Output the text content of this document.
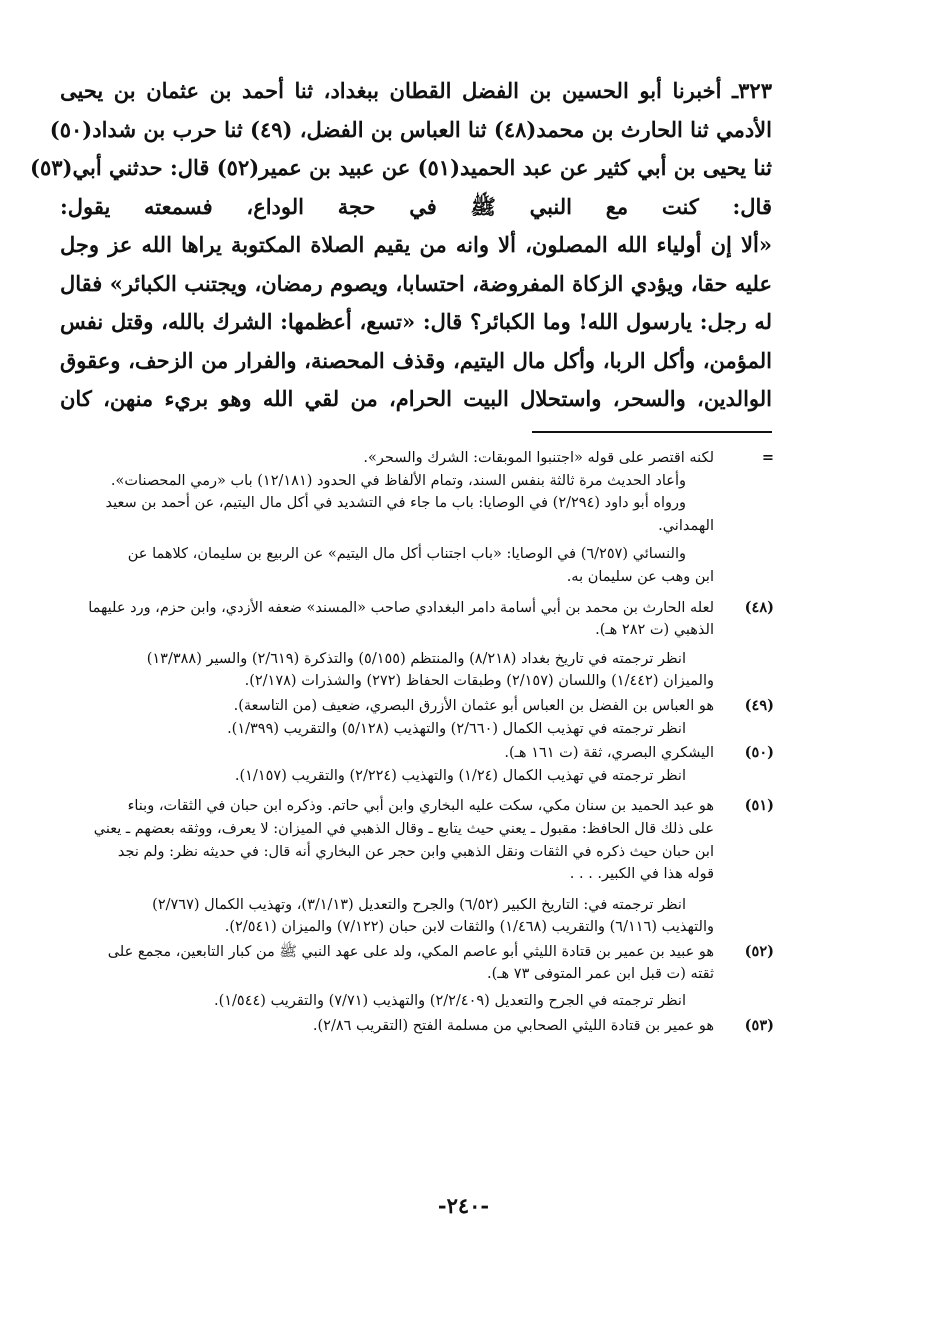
٣٢٣ـ أخبرنا أبو الحسين بن الفضل القطان ببغداد، ثنا أحمد بن عثمان بن يحيى
الأدمي ثنا الحارث بن محمد(٤٨) ثنا العباس بن الفضل، (٤٩) ثنا حرب بن شداد(٥٠)
ثنا يحيى بن أبي كثير عن عبد الحميد(٥١) عن عبيد بن عمير(٥٢) قال: حدثني أبي(٥٣)
قال: كنت مع النبي ﷺ في حجة الوداع، فسمعته يقول:
«ألا إن أولياء الله المصلون، ألا وانه من يقيم الصلاة المكتوبة يراها الله عز وجل
عليه حقا، ويؤدي الزكاة المفروضة، احتسابا، ويصوم رمضان، ويجتنب الكبائر» فقال
له رجل: يارسول الله! وما الكبائر؟ قال: «تسع، أعظمها: الشرك بالله، وقتل نفس
المؤمن، وأكل الربا، وأكل مال اليتيم، وقذف المحصنة، والفرار من الزحف، وعقوق
الوالدين، والسحر، واستحلال البيت الحرام، من لقي الله وهو بريء منهن، كان
=
لكنه اقتصر على قوله «اجتنبوا الموبقات: الشرك والسحر».
وأعاد الحديث مرة ثالثة بنفس السند، وتمام الألفاظ في الحدود (١٢/١٨١) باب «رمي المحصنات».
ورواه أبو داود (٢/٢٩٤) في الوصايا: باب ما جاء في التشديد في أكل مال اليتيم، عن أحمد بن سعيد
الهمداني.
والنسائي (٦/٢٥٧) في الوصايا: «باب اجتناب أكل مال اليتيم» عن الربيع بن سليمان، كلاهما عن
ابن وهب عن سليمان به.
(٤٨)
لعله الحارث بن محمد بن أبي أسامة دامر البغدادي صاحب «المسند» ضعفه الأزدي، وابن حزم، ورد عليهما
الذهبي (ت ٢٨٢ هـ).
انظر ترجمته في تاريخ بغداد (٨/٢١٨) والمنتظم (٥/١٥٥) والتذكرة (٢/٦١٩) والسير (١٣/٣٨٨)
والميزان (١/٤٤٢) واللسان (٢/١٥٧) وطبقات الحفاظ (٢٧٢) والشذرات (٢/١٧٨).
(٤٩)
هو العباس بن الفضل بن العباس أبو عثمان الأزرق البصري، ضعيف (من التاسعة).
انظر ترجمته في تهذيب الكمال (٢/٦٦٠) والتهذيب (٥/١٢٨) والتقريب (١/٣٩٩).
(٥٠)
اليشكري البصري، ثقة (ت ١٦١ هـ).
انظر ترجمته في تهذيب الكمال (١/٢٤) والتهذيب (٢/٢٢٤) والتقريب (١/١٥٧).
(٥١)
هو عبد الحميد بن سنان مكي، سكت عليه البخاري وابن أبي حاتم. وذكره ابن حبان في الثقات، وبناء
على ذلك قال الحافظ: مقبول ـ يعني حيث يتابع ـ وقال الذهبي في الميزان: لا يعرف، ووثقه بعضهم ـ يعني
ابن حبان حيث ذكره في الثقات ونقل الذهبي وابن حجر عن البخاري أنه قال: في حديثه نظر: ولم نجد
قوله هذا في الكبير. . . .
انظر ترجمته في: التاريخ الكبير (٦/٥٢) والجرح والتعديل (٣/١/١٣)، وتهذيب الكمال (٢/٧٦٧)
والتهذيب (٦/١١٦) والتقريب (١/٤٦٨) والثقات لابن حبان (٧/١٢٢) والميزان (٢/٥٤١).
(٥٢)
هو عبيد بن عمير بن قتادة الليثي أبو عاصم المكي، ولد على عهد النبي ﷺ من كبار التابعين، مجمع على
ثقته (ت قبل ابن عمر المتوفى ٧٣ هـ).
انظر ترجمته في الجرح والتعديل (٢/٢/٤٠٩) والتهذيب (٧/٧١) والتقريب (١/٥٤٤).
(٥٣)
هو عمير بن قتادة الليثي الصحابي من مسلمة الفتح (التقريب ٢/٨٦).
-٢٤٠-
